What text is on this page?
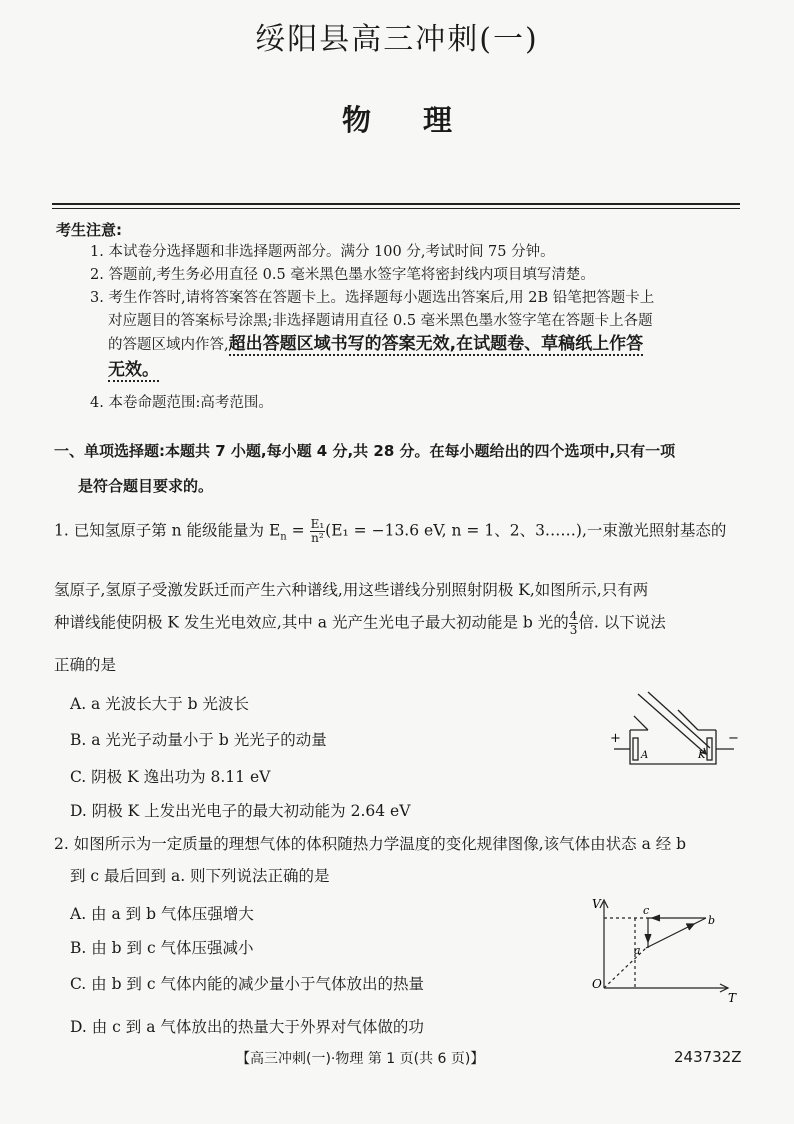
绥阳县高三冲刺(一)
物理
考生注意:
1. 本试卷分选择题和非选择题两部分。满分 100 分,考试时间 75 分钟。
2. 答题前,考生务必用直径 0.5 毫米黑色墨水签字笔将密封线内项目填写清楚。
3. 考生作答时,请将答案答在答题卡上。选择题每小题选出答案后,用 2B 铅笔把答题卡上
对应题目的答案标号涂黑;非选择题请用直径 0.5 毫米黑色墨水签字笔在答题卡上各题
的答题区域内作答,超出答题区域书写的答案无效,在试题卷、草稿纸上作答
无效。
4. 本卷命题范围:高考范围。
一、单项选择题:本题共 7 小题,每小题 4 分,共 28 分。在每小题给出的四个选项中,只有一项
是符合题目要求的。
1. 已知氢原子第 n 能级能量为 $E_n = \frac{\text{E₁}}{\text{n²}} (E_1 = -13.6$ eV, n = 1、2、3……),一束激光照射基态的
氢原子,氢原子受激发跃迁而产生六种谱线,用这些谱线分别照射阴极 K,如图所示,只有两
种谱线能使阴极 K 发生光电效应,其中 a 光产生光电子最大初动能是 b 光的 $\frac{4}{3}$ 倍. 以下说法
正确的是
A. a 光波长大于 b 光波长
B. a 光光子动量小于 b 光光子的动量
C. 阴极 K 逸出功为 8.11 eV
D. 阴极 K 上发出光电子的最大初动能为 2.64 eV
+	−
A	K
2. 如图所示为一定质量的理想气体的体积随热力学温度的变化规律图像,该气体由状态 a 经 b
到 c 最后回到 a. 则下列说法正确的是
A. 由 a 到 b 气体压强增大
B. 由 b 到 c 气体压强减小
C. 由 b 到 c 气体内能的减少量小于气体放出的热量
D. 由 c 到 a 气体放出的热量大于外界对气体做的功
V
T
O
a
b
c
【高三冲刺(一)·物理 第 1 页(共 6 页)】	243732Z
